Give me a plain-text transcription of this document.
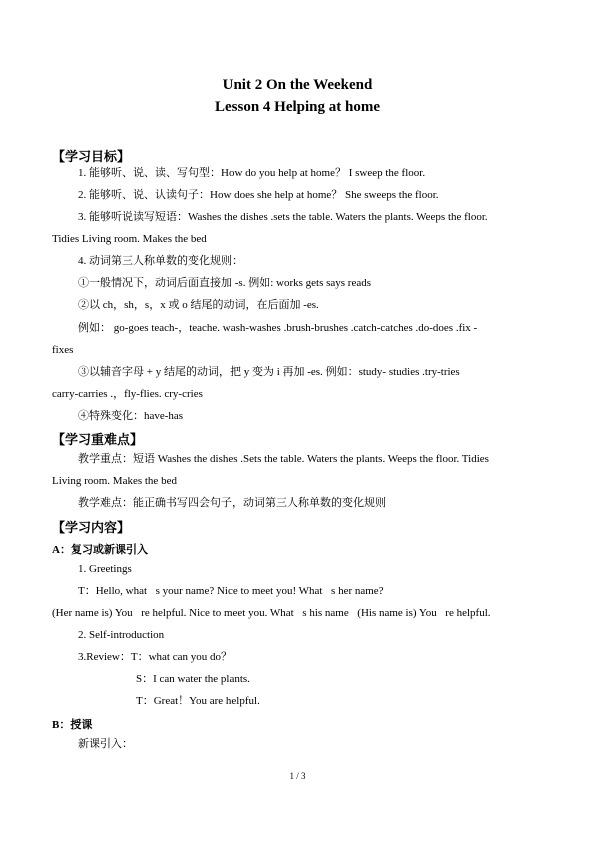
Unit 2 On the Weekend
Lesson 4 Helping at home
【学习目标】
1. 能够听、说、读、写句型：How do you help at home？ I sweep the floor.
2. 能够听、说、认读句子：How does she help at home？ She sweeps the floor.
3. 能够听说读写短语：Washes the dishes .sets the table. Waters the plants. Weeps the floor.
Tidies Living room. Makes the bed
4. 动词第三人称单数的变化规则：
①一般情况下，动词后面直接加 -s. 例如: works gets says reads
②以 ch，sh，s，x 或 o 结尾的动词，在后面加 -es.
例如： go-goes teach-，teache. wash-washes .brush-brushes .catch-catches .do-does .fix -
fixes
③以辅音字母 + y 结尾的动词，把 y 变为 i 再加 -es. 例如：study- studies .try-tries
carry-carries .，fly-flies. cry-cries
④特殊变化：have-has
【学习重难点】
教学重点：短语 Washes the dishes .Sets the table. Waters the plants. Weeps the floor. Tidies
Living room. Makes the bed
教学难点：能正确书写四会句子，动词第三人称单数的变化规则
【学习内容】
A：复习或新课引入
1. Greetings
T：Hello, what s your name? Nice to meet you! What s her name?
(Her name is) You re helpful. Nice to meet you. What s his name？(His name is) You re helpful.
2. Self-introduction
3.Review：T：what can you do？
S：I can water the plants.
T：Great！You are helpful.
B：授课
新课引入：
1 / 3
